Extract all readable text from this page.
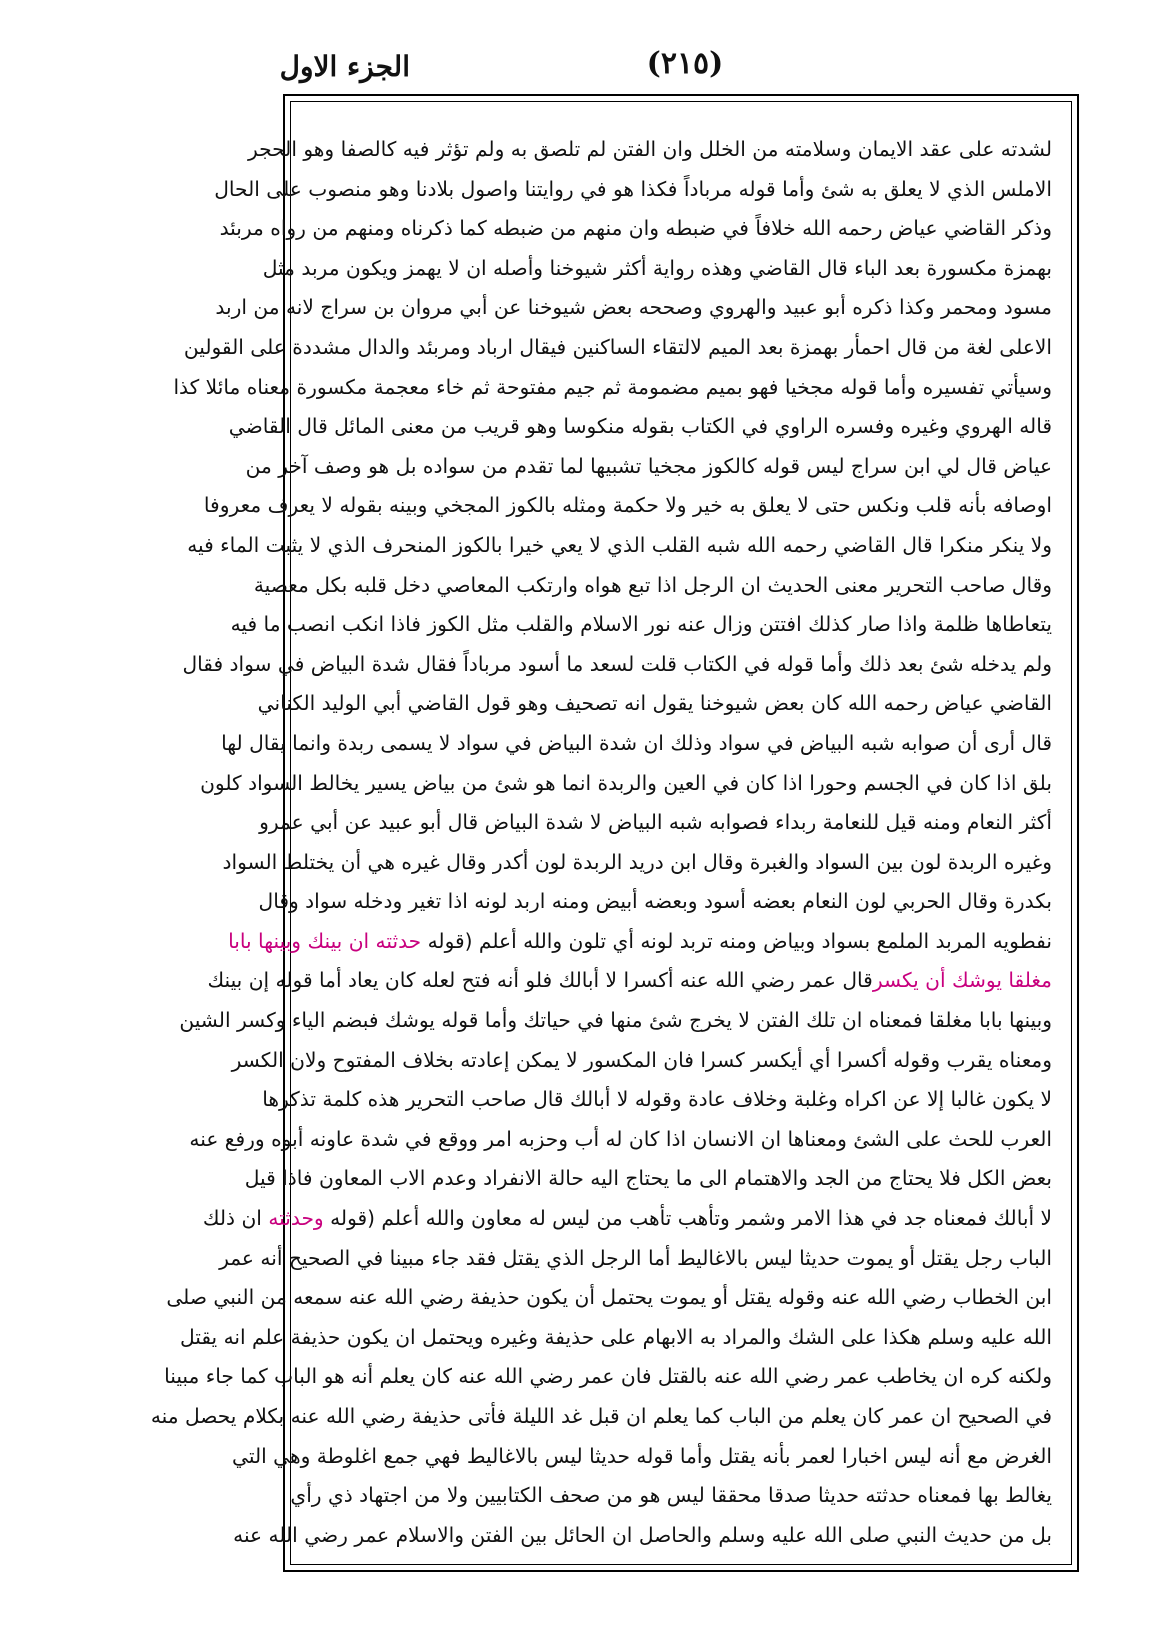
الجزء الاول	(٢١٥)
لشدته على عقد الايمان وسلامته من الخلل وان الفتن لم تلصق به ولم تؤثر فيه كالصفا وهو الحجر
الاملس الذي لا يعلق به شئ وأما قوله مرباداً فكذا هو في روايتنا واصول بلادنا وهو منصوب على الحال
وذكر القاضي عياض رحمه الله خلافاً في ضبطه وان منهم من ضبطه كما ذكرناه ومنهم من رواه مربئد
بهمزة مكسورة بعد الباء قال القاضي وهذه رواية أكثر شيوخنا وأصله ان لا يهمز ويكون مربد مثل
مسود ومحمر وكذا ذكره أبو عبيد والهروي وصححه بعض شيوخنا عن أبي مروان بن سراج لانه من اربد
الاعلى لغة من قال احمأر بهمزة بعد الميم لالتقاء الساكنين فيقال ارباد ومربئد والدال مشددة على القولين
وسيأتي تفسيره وأما قوله مجخيا فهو بميم مضمومة ثم جيم مفتوحة ثم خاء معجمة مكسورة معناه مائلا كذا
قاله الهروي وغيره وفسره الراوي في الكتاب بقوله منكوسا وهو قريب من معنى المائل قال القاضي
عياض قال لي ابن سراج ليس قوله كالكوز مجخيا تشبيها لما تقدم من سواده بل هو وصف آخر من
اوصافه بأنه قلب ونكس حتى لا يعلق به خير ولا حكمة ومثله بالكوز المجخي وبينه بقوله لا يعرف معروفا
ولا ينكر منكرا قال القاضي رحمه الله شبه القلب الذي لا يعي خيرا بالكوز المنحرف الذي لا يثبت الماء فيه
وقال صاحب التحرير معنى الحديث ان الرجل اذا تبع هواه وارتكب المعاصي دخل قلبه بكل معصية
يتعاطاها ظلمة واذا صار كذلك افتتن وزال عنه نور الاسلام والقلب مثل الكوز فاذا انكب انصب ما فيه
ولم يدخله شئ بعد ذلك وأما قوله في الكتاب قلت لسعد ما أسود مرباداً فقال شدة البياض في سواد فقال
القاضي عياض رحمه الله كان بعض شيوخنا يقول انه تصحيف وهو قول القاضي أبي الوليد الكناني
قال أرى أن صوابه شبه البياض في سواد وذلك ان شدة البياض في سواد لا يسمى ربدة وانما يقال لها
بلق اذا كان في الجسم وحورا اذا كان في العين والربدة انما هو شئ من بياض يسير يخالط السواد كلون
أكثر النعام ومنه قيل للنعامة ربداء فصوابه شبه البياض لا شدة البياض قال أبو عبيد عن أبي عمرو
وغيره الربدة لون بين السواد والغبرة وقال ابن دريد الربدة لون أكدر وقال غيره هي أن يختلط السواد
بكدرة وقال الحربي لون النعام بعضه أسود وبعضه أبيض ومنه اربد لونه اذا تغير ودخله سواد وقال
نفطويه المربد الملمع بسواد وبياض ومنه تربد لونه أي تلون والله أعلم (قوله حدثته ان بينك وبينها بابا
مغلقا يوشك أن يكسرقال عمر رضي الله عنه أكسرا لا أبالك فلو أنه فتح لعله كان يعاد أما قوله إن بينك
وبينها بابا مغلقا فمعناه ان تلك الفتن لا يخرج شئ منها في حياتك وأما قوله يوشك فبضم الياء وكسر الشين
ومعناه يقرب وقوله أكسرا أي أيكسر كسرا فان المكسور لا يمكن إعادته بخلاف المفتوح ولان الكسر
لا يكون غالبا إلا عن اكراه وغلبة وخلاف عادة وقوله لا أبالك قال صاحب التحرير هذه كلمة تذكرها
العرب للحث على الشئ ومعناها ان الانسان اذا كان له أب وحزبه امر ووقع في شدة عاونه أبوه ورفع عنه
بعض الكل فلا يحتاج من الجد والاهتمام الى ما يحتاج اليه حالة الانفراد وعدم الاب المعاون فاذا قيل
لا أبالك فمعناه جد في هذا الامر وشمر وتأهب تأهب من ليس له معاون والله أعلم (قوله وحدثته ان ذلك
الباب رجل يقتل أو يموت حديثا ليس بالاغاليط أما الرجل الذي يقتل فقد جاء مبينا في الصحيح أنه عمر
ابن الخطاب رضي الله عنه وقوله يقتل أو يموت يحتمل أن يكون حذيفة رضي الله عنه سمعه من النبي صلى
الله عليه وسلم هكذا على الشك والمراد به الابهام على حذيفة وغيره ويحتمل ان يكون حذيفة علم انه يقتل
ولكنه كره ان يخاطب عمر رضي الله عنه بالقتل فان عمر رضي الله عنه كان يعلم أنه هو الباب كما جاء مبينا
في الصحيح ان عمر كان يعلم من الباب كما يعلم ان قبل غد الليلة فأتى حذيفة رضي الله عنه بكلام يحصل منه
الغرض مع أنه ليس اخبارا لعمر بأنه يقتل وأما قوله حديثا ليس بالاغاليط فهي جمع اغلوطة وهي التي
يغالط بها فمعناه حدثته حديثا صدقا محققا ليس هو من صحف الكتابيين ولا من اجتهاد ذي رأي
بل من حديث النبي صلى الله عليه وسلم والحاصل ان الحائل بين الفتن والاسلام عمر رضي الله عنه
